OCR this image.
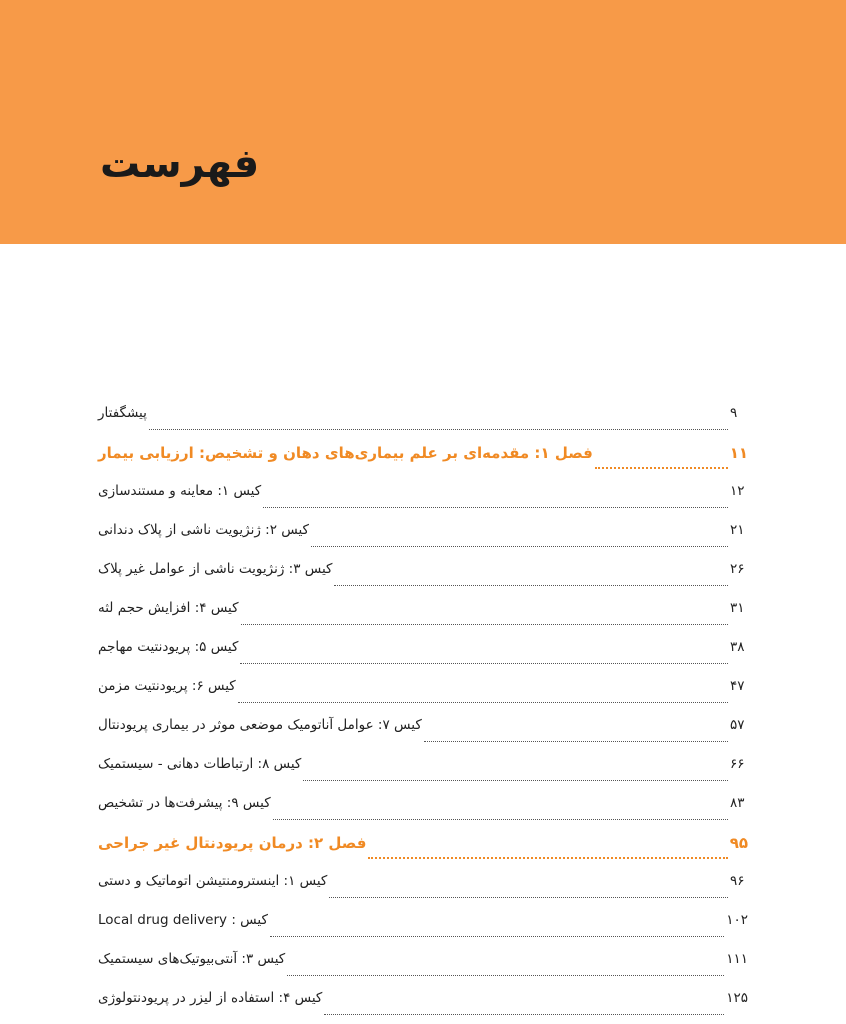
فهرست
پیشگفتار	۹
فصل ۱: مقدمه‌ای بر علم بیماری‌های دهان و تشخیص: ارزیابی بیمار	۱۱
کیس ۱: معاینه و مستندسازی	۱۲
کیس ۲: ژنژیویت ناشی از پلاک دندانی	۲۱
کیس ۳: ژنژیویت ناشی از عوامل غیر پلاک	۲۶
کیس ۴: افزایش حجم لثه	۳۱
کیس ۵: پریودنتیت مهاجم	۳۸
کیس ۶: پریودنتیت مزمن	۴۷
کیس ۷: عوامل آناتومیک موضعی موثر در بیماری پریودنتال	۵۷
کیس ۸: ارتباطات دهانی - سیستمیک	۶۶
کیس ۹: پیشرفت‌ها در تشخیص	۸۳
فصل ۲: درمان پریودنتال غیر جراحی	۹۵
کیس ۱: اینسترومنتیشن اتوماتیک و دستی	۹۶
کیس : Local drug delivery	۱۰۲
کیس ۳: آنتی‌بیوتیک‌های سیستمیک	۱۱۱
کیس ۴: استفاده از لیزر در پریودنتولوژی	۱۲۵
